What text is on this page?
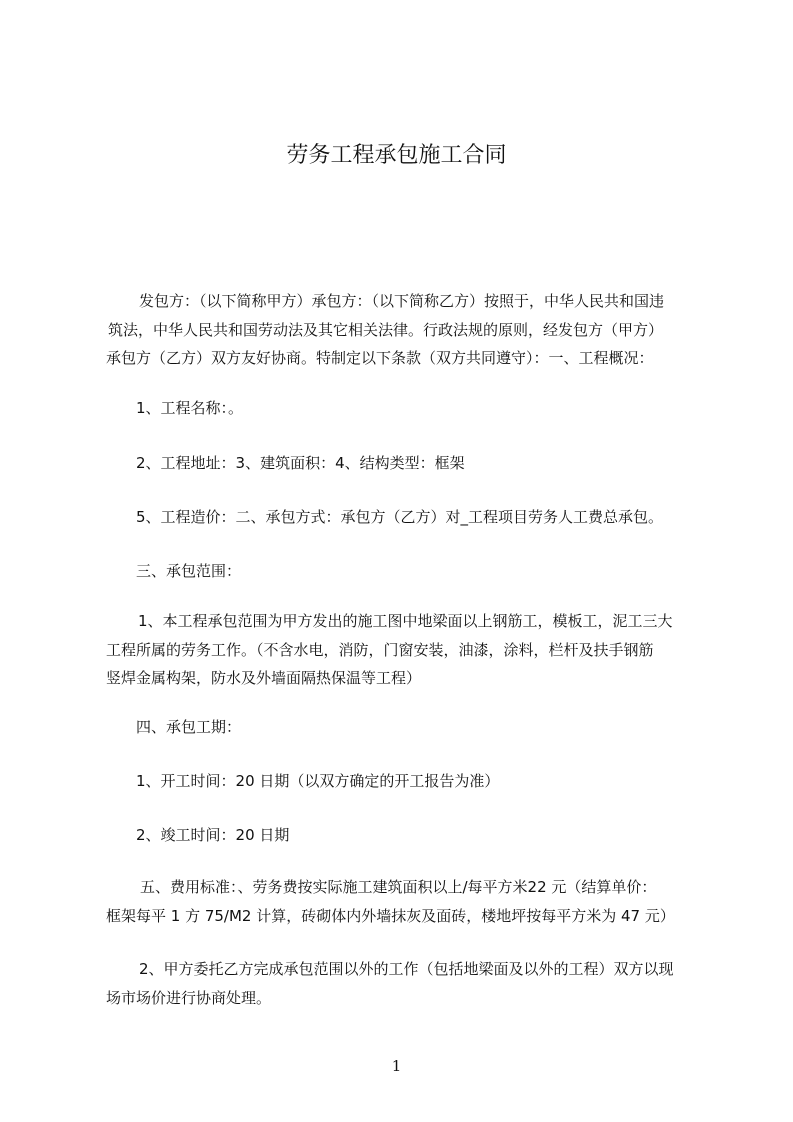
劳务工程承包施工合同
发包方：（以下简称甲方）承包方：（以下简称乙方）按照于，中华人民共和国违
筑法，中华人民共和国劳动法及其它相关法律。行政法规的原则，经发包方（甲方）
承包方（乙方）双方友好协商。特制定以下条款（双方共同遵守）：一、工程概况：
1、工程名称：。
2、工程地址：3、建筑面积：4、结构类型：框架
5、工程造价：二、承包方式：承包方（乙方）对_工程项目劳务人工费总承包。
三、承包范围：
1、本工程承包范围为甲方发出的施工图中地梁面以上钢筋工，模板工，泥工三大
工程所属的劳务工作。（不含水电，消防，门窗安装，油漆，涂料，栏杆及扶手钢筋
竖焊金属构架，防水及外墙面隔热保温等工程）
四、承包工期：
1、开工时间：20 日期（以双方确定的开工报告为准）
2、竣工时间：20 日期
五、费用标准：、劳务费按实际施工建筑面积以上/每平方米22 元（结算单价：
框架每平 1 方 75/M2 计算，砖砌体内外墙抹灰及面砖，楼地坪按每平方米为 47 元）
2、甲方委托乙方完成承包范围以外的工作（包括地梁面及以外的工程）双方以现
场市场价进行协商处理。
1
